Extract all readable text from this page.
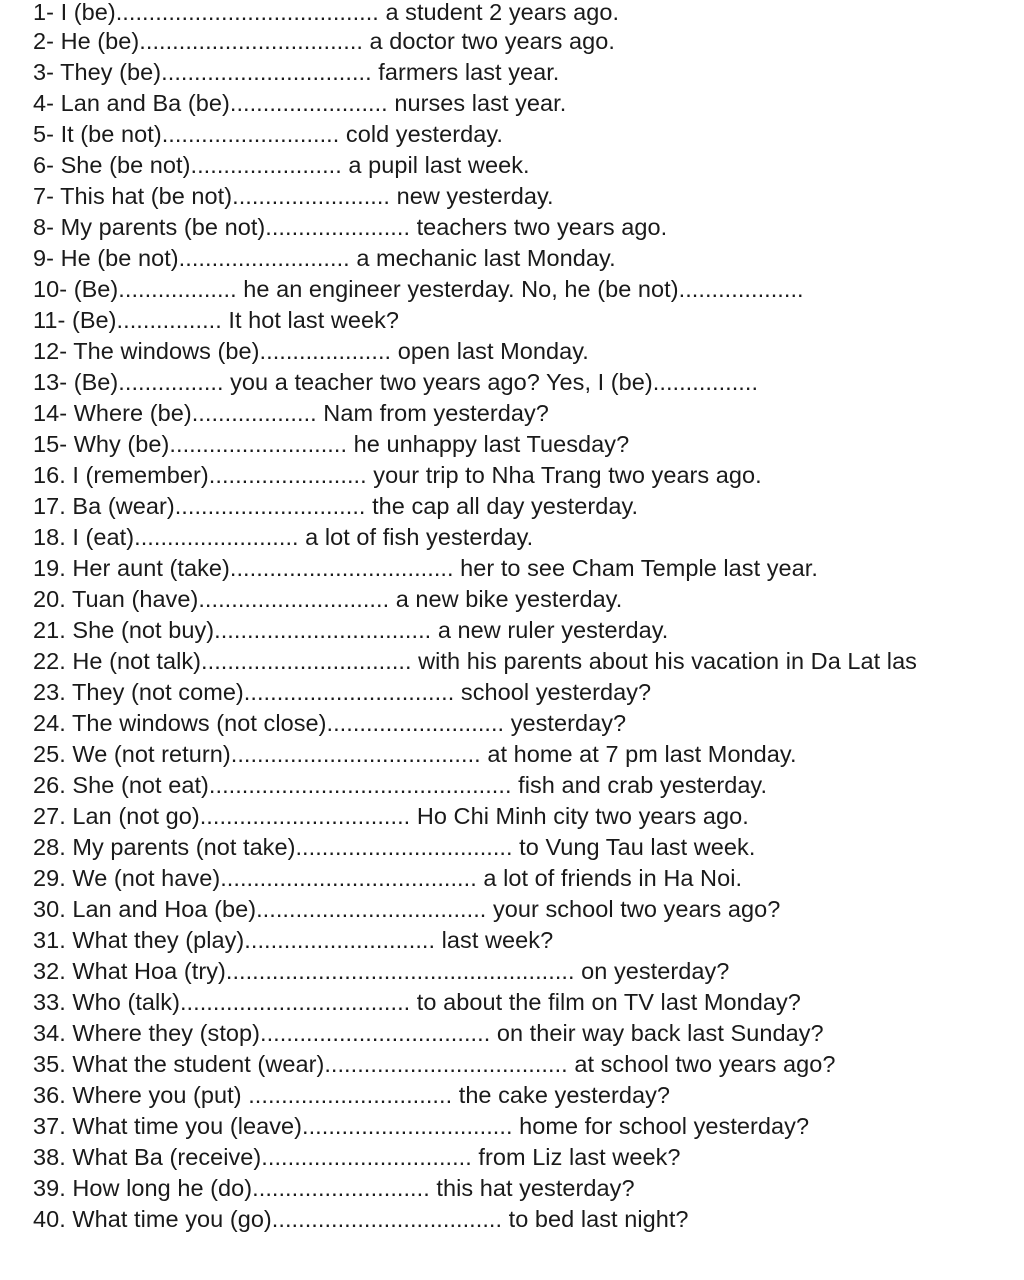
1- I (be)........................................ a student 2 years ago.
2- He (be).................................. a doctor two years ago.
3- They (be)................................ farmers last year.
4- Lan and Ba (be)........................ nurses last year.
5- It (be not)........................... cold yesterday.
6- She (be not)....................... a pupil last week.
7- This hat (be not)........................ new yesterday.
8- My parents (be not)...................... teachers two years ago.
9- He (be not).......................... a mechanic last Monday.
10- (Be).................. he an engineer yesterday. No, he (be not)...................
11- (Be)................ It hot last week?
12- The windows (be).................... open last Monday.
13- (Be)................ you a teacher two years ago? Yes, I (be)................
14- Where (be)................... Nam from yesterday?
15- Why (be)........................... he unhappy last Tuesday?
16. I (remember)........................ your trip to Nha Trang two years ago.
17. Ba (wear)............................. the cap all day yesterday.
18. I (eat)......................... a lot of fish yesterday.
19. Her aunt (take).................................. her to see Cham Temple last year.
20. Tuan (have)............................. a new bike yesterday.
21. She (not buy)................................. a new ruler yesterday.
22. He (not talk)................................ with his parents about his vacation in Da Lat las
23. They (not come)................................ school yesterday?
24. The windows (not close)........................... yesterday?
25. We (not return)...................................... at home at 7 pm last Monday.
26. She (not eat).............................................. fish and crab yesterday.
27. Lan (not go)................................ Ho Chi Minh city two years ago.
28. My parents (not take)................................. to Vung Tau last week.
29. We (not have)....................................... a lot of friends in Ha Noi.
30. Lan and Hoa (be)................................... your school two years ago?
31. What they (play)............................. last week?
32. What Hoa (try)..................................................... on yesterday?
33. Who (talk)................................... to about the film on TV last Monday?
34. Where they (stop)................................... on their way back last Sunday?
35. What the student (wear)..................................... at school two years ago?
36. Where you (put) ............................... the cake yesterday?
37. What time you (leave)................................ home for school yesterday?
38. What Ba (receive)................................ from Liz last week?
39. How long he (do)........................... this hat yesterday?
40. What time you (go)................................... to bed last night?
